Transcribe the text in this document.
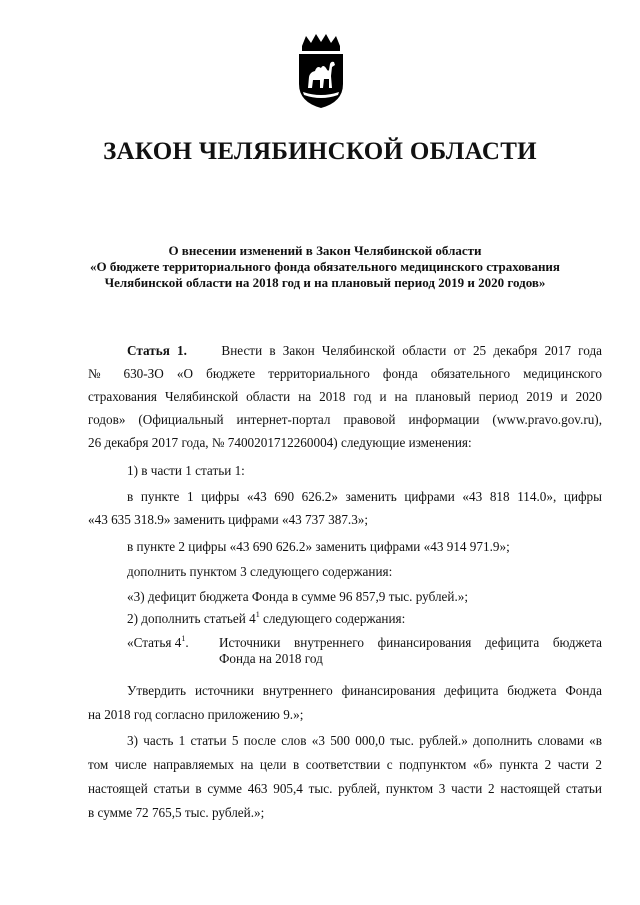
ЗАКОН ЧЕЛЯБИНСКОЙ ОБЛАСТИ
О внесении изменений в Закон Челябинской области
«О бюджете территориального фонда обязательного медицинского страхования
Челябинской области на 2018 год и на плановый период 2019 и 2020 годов»
Статья 1.	Внести в Закон Челябинской области от 25 декабря 2017 года
№ 630-ЗО «О бюджете территориального фонда обязательного медицинского
страхования Челябинской области на 2018 год и на плановый период 2019 и 2020
годов» (Официальный интернет-портал правовой информации (www.pravo.gov.ru),
26 декабря 2017 года, № 7400201712260004) следующие изменения:
1) в части 1 статьи 1:
в пункте 1 цифры «43 690 626.2» заменить цифрами «43 818 114.0», цифры
«43 635 318.9» заменить цифрами «43 737 387.3»;
в пункте 2 цифры «43 690 626.2» заменить цифрами «43 914 971.9»;
дополнить пунктом 3 следующего содержания:
«3) дефицит бюджета Фонда в сумме 96 857,9 тыс. рублей.»;
2) дополнить статьей $4^1$ следующего содержания:
«Статья $4^1$. Источники внутреннего финансирования дефицита бюджета
Фонда на 2018 год
Утвердить источники внутреннего финансирования дефицита бюджета Фонда
на 2018 год согласно приложению 9.»;
3) часть 1 статьи 5 после слов «3 500 000,0 тыс. рублей.» дополнить словами «в
том числе направляемых на цели в соответствии с подпунктом «б» пункта 2 части 2
настоящей статьи в сумме 463 905,4 тыс. рублей, пунктом 3 части 2 настоящей статьи
в сумме 72 765,5 тыс. рублей.»;
